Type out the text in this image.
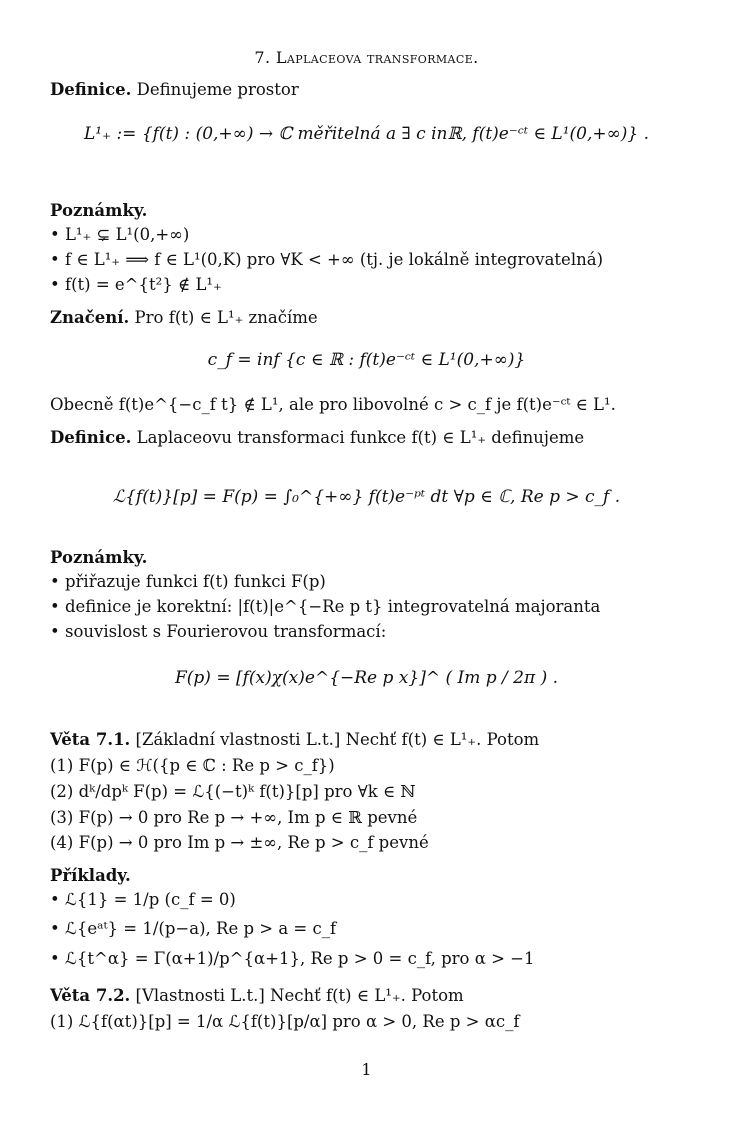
7. Laplaceova transformace.
Definice. Definujeme prostor
L¹₊ := {f(t) : (0,+∞) → ℂ měřitelná a ∃ c inℝ, f(t)e⁻ᶜᵗ ∈ L¹(0,+∞)} .
Poznámky.
• L¹₊ ⊊ L¹(0,+∞)
• f ∈ L¹₊ ⟹ f ∈ L¹(0,K) pro ∀K < +∞ (tj. je lokálně integrovatelná)
• f(t) = e^{t²} ∉ L¹₊
Značení. Pro f(t) ∈ L¹₊ značíme
c_f = inf {c ∈ ℝ : f(t)e⁻ᶜᵗ ∈ L¹(0,+∞)}
Obecně f(t)e^{−c_f t} ∉ L¹, ale pro libovolné c > c_f je f(t)e⁻ᶜᵗ ∈ L¹.
Definice. Laplaceovu transformaci funkce f(t) ∈ L¹₊ definujeme
ℒ{f(t)}[p] = F(p) = ∫₀^{+∞} f(t)e⁻ᵖᵗ dt ∀p ∈ ℂ, Re p > c_f .
Poznámky.
• přiřazuje funkci f(t) funkci F(p)
• definice je korektní: |f(t)|e^{−Re p t} integrovatelná majoranta
• souvislost s Fourierovou transformací:
F(p) = [f(x)χ(x)e^{−Re p x}]^ ( Im p / 2π ) .
Věta 7.1. [Základní vlastnosti L.t.] Nechť f(t) ∈ L¹₊. Potom
(1) F(p) ∈ ℋ({p ∈ ℂ : Re p > c_f})
(2) dᵏ/dpᵏ F(p) = ℒ{(−t)ᵏ f(t)}[p] pro ∀k ∈ ℕ
(3) F(p) → 0 pro Re p → +∞, Im p ∈ ℝ pevné
(4) F(p) → 0 pro Im p → ±∞, Re p > c_f pevné
Příklady.
• ℒ{1} = 1/p (c_f = 0)
• ℒ{eᵃᵗ} = 1/(p−a), Re p > a = c_f
• ℒ{t^α} = Γ(α+1)/p^{α+1}, Re p > 0 = c_f, pro α > −1
Věta 7.2. [Vlastnosti L.t.] Nechť f(t) ∈ L¹₊. Potom
(1) ℒ{f(αt)}[p] = 1/α ℒ{f(t)}[p/α] pro α > 0, Re p > αc_f
1
